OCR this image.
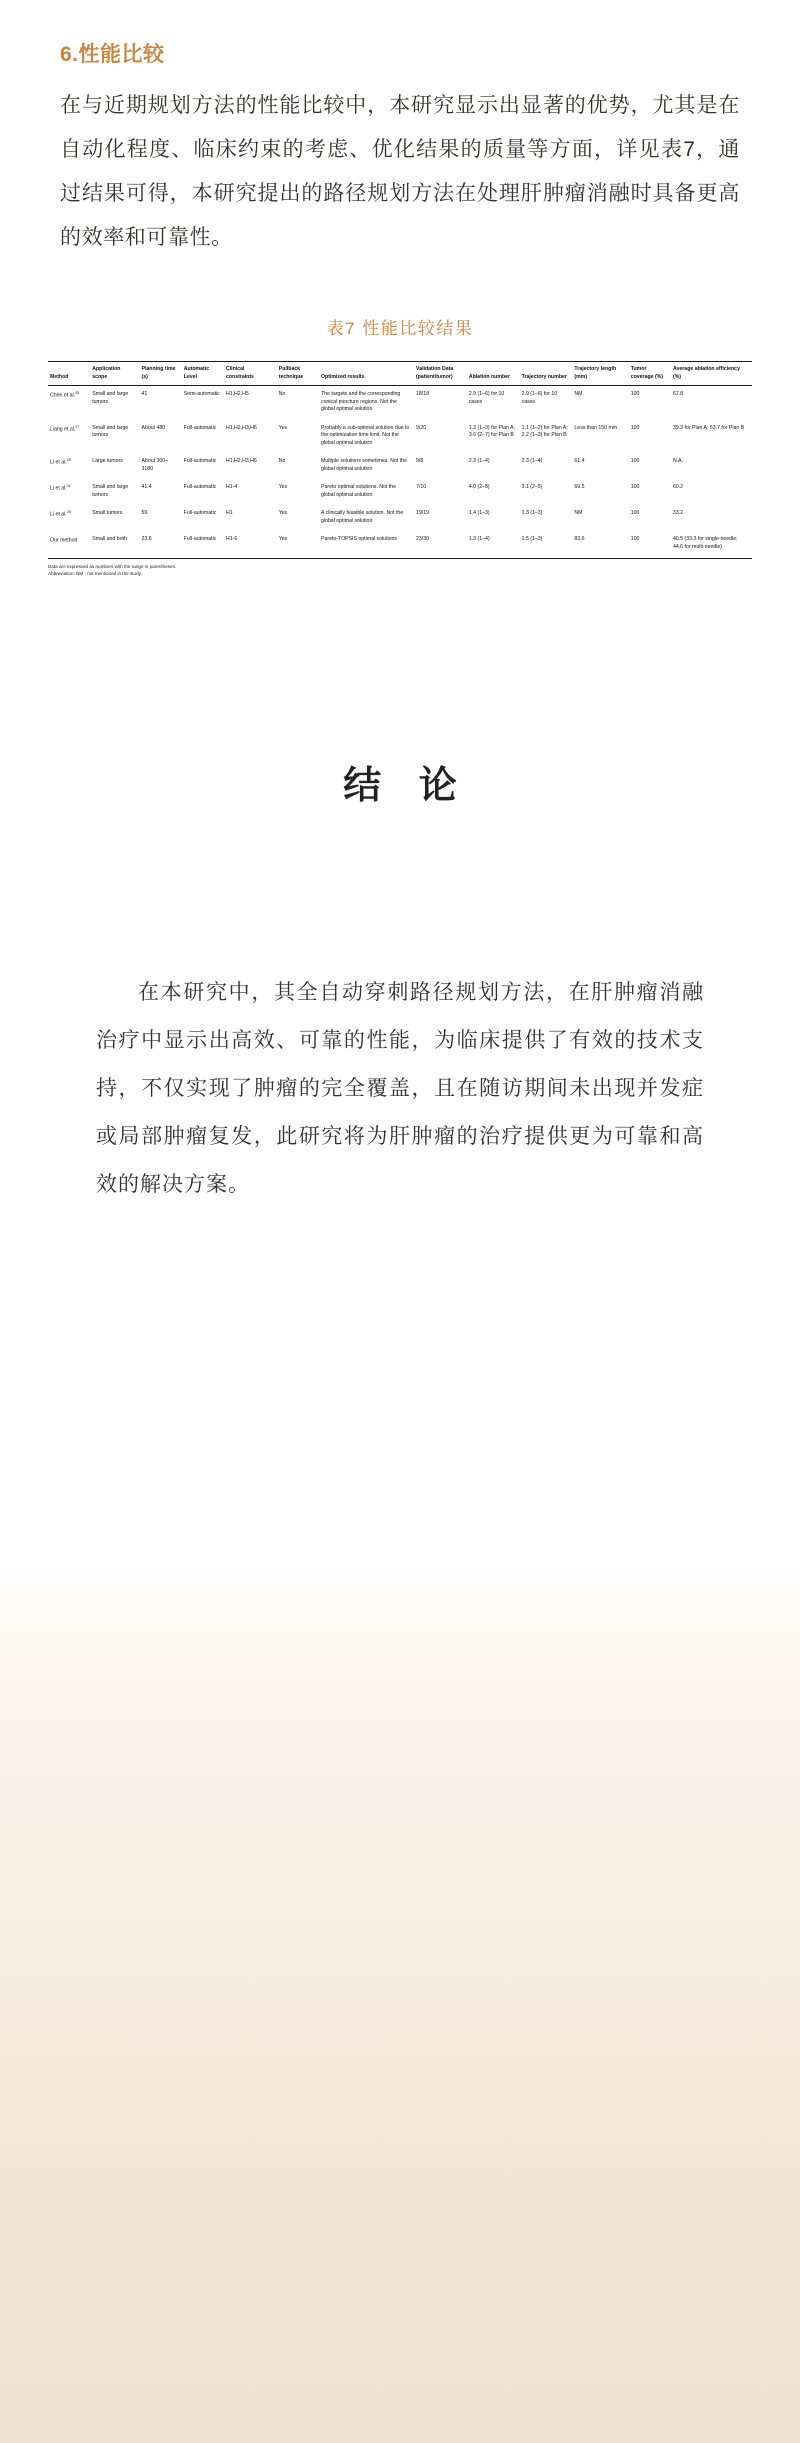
6.性能比较

在与近期规划方法的性能比较中，本研究显示出显著的优势，尤其是在自动化程度、临床约束的考虑、优化结果的质量等方面，详见表7，通过结果可得，本研究提出的路径规划方法在处理肝肿瘤消融时具备更高的效率和可靠性。

表7 性能比较结果
Method	Application scope	Planning time (s)	Automatic Level	Clinical constraints	Pullback technique	Optimized results	Validation Data (patient/tumor)	Ablation number	Trajectory number	Trajectory length (mm)	Tumor coverage (%)	Average ablation efficiency (%)
Chen et al.$^{25}$	Small and large tumors	41	Semi-automatic	H1,H2,H5	No	The targets and the corresponding conical puncture regions. Not the global optimal solution	18/18	2.9 (1–6) for 10 cases	2.9 (1–6) for 10 cases	NM	100	67.8
Liang et al.$^{27}$	Small and large tumors	About 480	Full-automatic	H1,H2,H3,H6	Yes	Probably a sub-optimal solution due to the optimization time limit. Not the global optimal solution	9/20	1.3 (1–3) for Plan A; 3.6 (2–7) for Plan B	1.1 (1–2) for Plan A; 2.2 (1–3) for Plan B	Less than 150 mm	100	39.3 for Plan A; 53.7 for Plan B
Li et al.$^{26}$	Large tumors	About 300–3180	Full-automatic	H1,H2,H3,H6	No	Multiple solutions sometimes. Not the global optimal solution	9/8	2.3 (1–4)	2.3 (1–4)	61.4	100	N.A.
Li et al.$^{31}$	Small and large tumors	41.4	Full-automatic	H1-4	Yes	Pareto optimal solutions. Not the global optimal solution	7/10	4.0 (2–8)	3.1 (2–5)	69.5	100	60.2
Li et al.$^{28}$	Small tumors	59	Full-automatic	H1	Yes	A clinically feasible solution. Not the global optimal solution	19/19	1.4 (1–3)	1.3 (1–3)	NM	100	33.2
Our method	Small and both	23.6	Full-automatic	H1-6	Yes	Pareto-TOPSIS optimal solutions	23/30	1.3 (1–4)	1.5 (1–3)	83.6	100	40.5 (33.3 for single-needle; 44.6 for multi-needle)
Data are expressed as numbers with the range in parentheses.
Abbreviation: NM , not mentioned in the study.
结 论

在本研究中，其全自动穿刺路径规划方法，在肝肿瘤消融治疗中显示出高效、可靠的性能，为临床提供了有效的技术支持，不仅实现了肿瘤的完全覆盖，且在随访期间未出现并发症或局部肿瘤复发，此研究将为肝肿瘤的治疗提供更为可靠和高效的解决方案。
